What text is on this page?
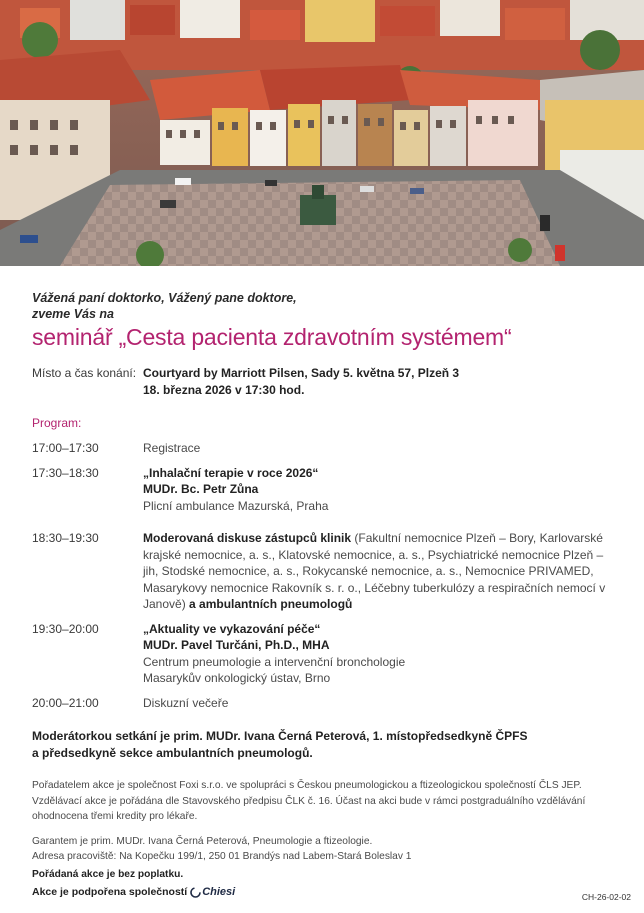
Vážená paní doktorko, Vážený pane doktore,
zveme Vás na
seminář „Cesta pacienta zdravotním systémem“
Místo a čas konání: Courtyard by Marriott Pilsen, Sady 5. května 57, Plzeň 3
18. března 2026 v 17:30 hod.
Program:
17:00–17:30	Registrace
17:30–18:30	„Inhalační terapie v roce 2026“
MUDr. Bc. Petr Zůna
Plicní ambulance Mazurská, Praha
18:30–19:30	Moderovaná diskuse zástupců klinik (Fakultní nemocnice Plzeň – Bory, Karlovarské krajské nemocnice, a. s., Klatovské nemocnice, a. s., Psychiatrické nemocnice Plzeň – jih, Stodské nemocnice, a. s., Rokycanské nemocnice, a. s., Nemocnice PRIVAMED, Masarykovy nemocnice Rakovník s. r. o., Léčebny tuberkulózy a respiračních nemocí v Janově) a ambulantních pneumologů
19:30–20:00	„Aktuality ve vykazování péče“
MUDr. Pavel Turčáni, Ph.D., MHA
Centrum pneumologie a intervenční bronchologie
Masarykův onkologický ústav, Brno
20:00–21:00	Diskuzní večeře
Moderátorkou setkání je prim. MUDr. Ivana Černá Peterová, 1. místopředsedkyně ČPFS
a předsedkyně sekce ambulantních pneumologů.
Pořadatelem akce je společnost Foxi s.r.o. ve spolupráci s Českou pneumologickou a ftizeologickou společností ČLS JEP.
Vzdělávací akce je pořádána dle Stavovského předpisu ČLK č. 16. Účast na akci bude v rámci postgraduálního vzdělávání
ohodnocena třemi kredity pro lékaře.
Garantem je prim. MUDr. Ivana Černá Peterová, Pneumologie a ftizeologie.
Adresa pracoviště: Na Kopečku 199/1, 250 01 Brandýs nad Labem-Stará Boleslav 1
Pořádaná akce je bez poplatku.
Akce je podpořena společností Chiesi	CH-26-02-02
